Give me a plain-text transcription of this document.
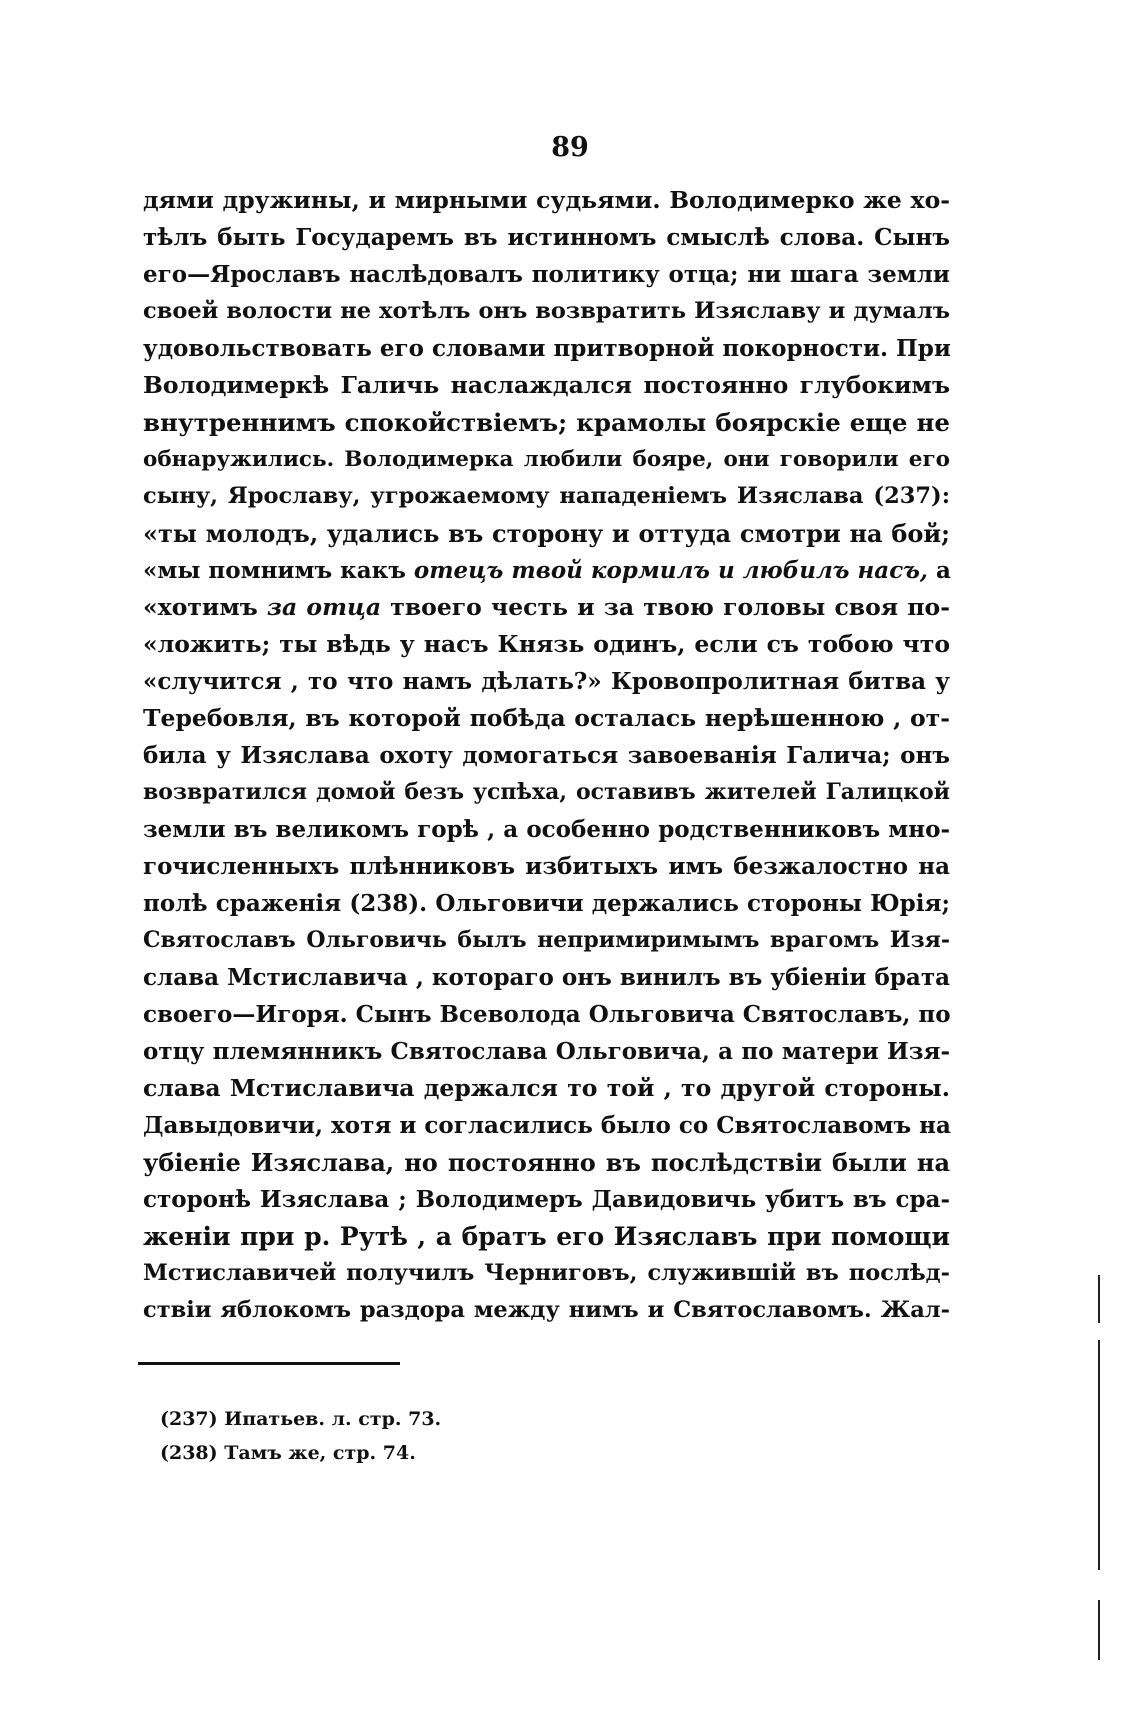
89
дями дружины, и мирными судьями. Володимерко же хо-
тѣлъ быть Государемъ въ истинномъ смыслѣ слова. Сынъ
его—Ярославъ наслѣдовалъ политику отца; ни шага земли
своей волости не хотѣлъ онъ возвратить Изяславу и думалъ
удовольствовать его словами притворной покорности. При
Володимеркѣ Галичь наслаждался постоянно глубокимъ
внутреннимъ спокойствіемъ; крамолы боярскіе еще не
обнаружились. Володимерка любили бояре, они говорили его
сыну, Ярославу, угрожаемому нападеніемъ Изяслава (237):
«ты молодъ, удались въ сторону и оттуда смотри на бой;
«мы помнимъ какъ отецъ твой кормилъ и любилъ насъ, а
«хотимъ за отца твоего честь и за твою головы своя по-
«ложить; ты вѣдь у насъ Князь одинъ, если съ тобою что
«случится , то что намъ дѣлать?» Кровопролитная битва у
Теребовля, въ которой побѣда осталась нерѣшенною , от-
била у Изяслава охоту домогаться завоеванія Галича; онъ
возвратился домой безъ успѣха, оставивъ жителей Галицкой
земли въ великомъ горѣ , а особенно родственниковъ мно-
гочисленныхъ плѣнниковъ избитыхъ имъ безжалостно на
полѣ сраженія (238). Ольговичи держались стороны Юрія;
Святославъ Ольговичь былъ непримиримымъ врагомъ Изя-
слава Мстиславича , котораго онъ винилъ въ убіеніи брата
своего—Игоря. Сынъ Всеволода Ольговича Святославъ, по
отцу племянникъ Святослава Ольговича, а по матери Изя-
слава Мстиславича держался то той , то другой стороны.
Давыдовичи, хотя и согласились было со Святославомъ на
убіеніе Изяслава, но постоянно въ послѣдствіи были на
сторонѣ Изяслава ; Володимеръ Давидовичь убитъ въ сра-
женіи при р. Рутѣ , а братъ его Изяславъ при помощи
Мстиславичей получилъ Черниговъ, служившій въ послѣд-
ствіи яблокомъ раздора между нимъ и Святославомъ. Жал-
(237) Ипатьев. л. стр. 73.
(238) Тамъ же, стр. 74.
